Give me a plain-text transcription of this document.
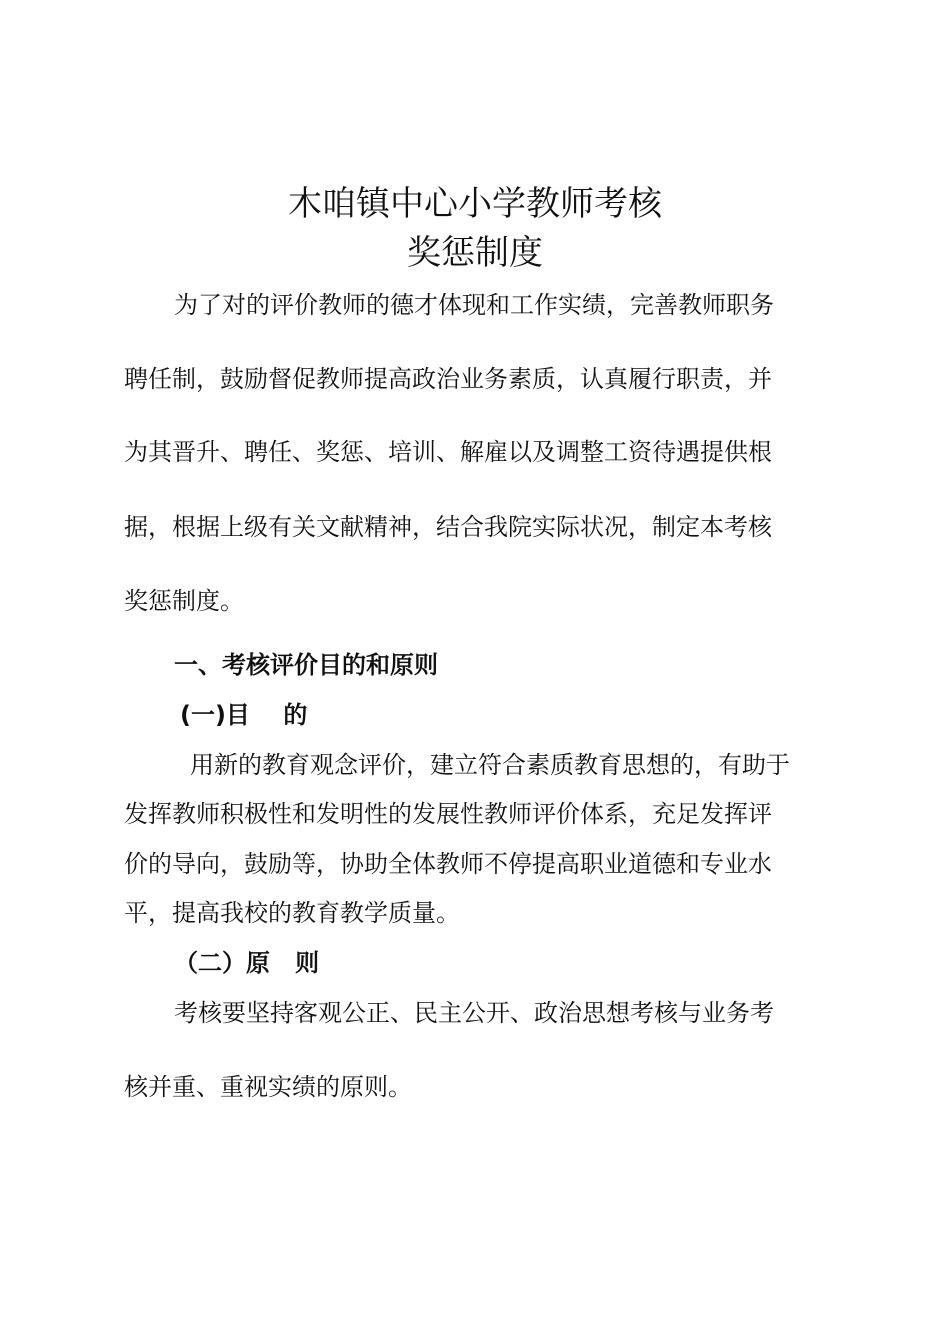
木咱镇中心小学教师考核
奖惩制度
为了对的评价教师的德才体现和工作实绩，完善教师职务
聘任制，鼓励督促教师提高政治业务素质，认真履行职责，并
为其晋升、聘任、奖惩、培训、解雇以及调整工资待遇提供根
据，根据上级有关文献精神，结合我院实际状况，制定本考核
奖惩制度。
一、考核评价目的和原则
(一)目    的
用新的教育观念评价，建立符合素质教育思想的，有助于
发挥教师积极性和发明性的发展性教师评价体系，充足发挥评
价的导向，鼓励等，协助全体教师不停提高职业道德和专业水
平，提高我校的教育教学质量。
（二）原   则
考核要坚持客观公正、民主公开、政治思想考核与业务考
核并重、重视实绩的原则。
